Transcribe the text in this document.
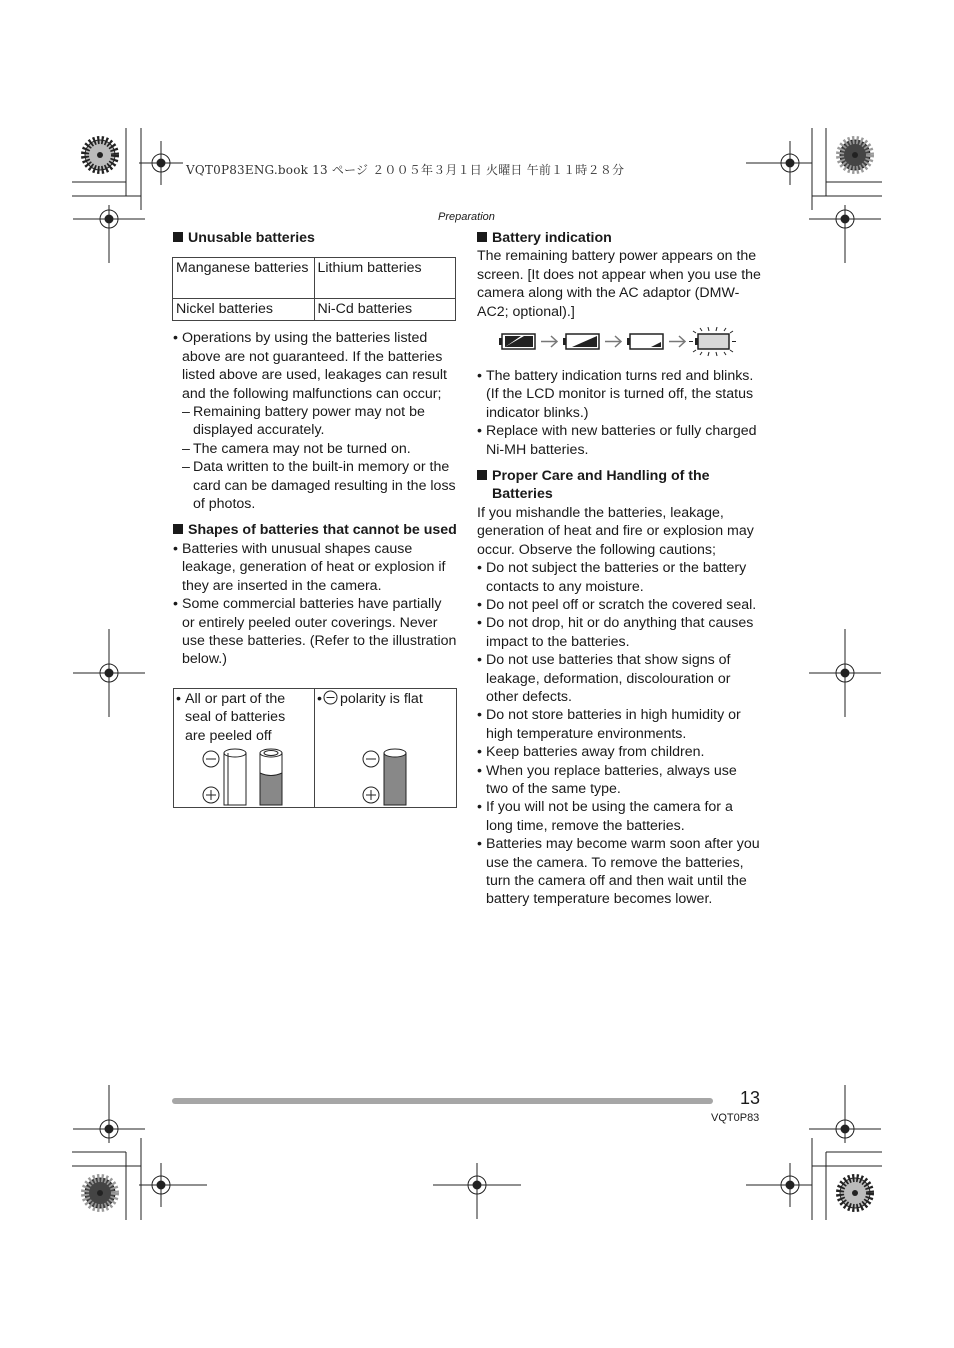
VQT0P83ENG.book 13 ページ ２００５年３月１日 火曜日 午前１１時２８分
Preparation

Unusable batteries

Manganese batteries	Lithium batteries
Nickel batteries	Ni-Cd batteries

• Operations by using the batteries listed above are not guaranteed. If the batteries listed above are used, leakages can result and the following malfunctions can occur;

– Remaining battery power may not be displayed accurately.

– The camera may not be turned on.

– Data written to the built-in memory or the card can be damaged resulting in the loss of photos.

Shapes of batteries that cannot be used

• Batteries with unusual shapes cause leakage, generation of heat or explosion if they are inserted in the camera.

• Some commercial batteries have partially or entirely peeled outer coverings. Never use these batteries. (Refer to the illustration below.)

• All or part of the seal of batteries are peeled off
• polarity is flat

Battery indication

The remaining battery power appears on the screen. [It does not appear when you use the camera along with the AC adaptor (DMW-AC2; optional).]

• The battery indication turns red and blinks. (If the LCD monitor is turned off, the status indicator blinks.)

• Replace with new batteries or fully charged Ni-MH batteries.

Proper Care and Handling of the Batteries

If you mishandle the batteries, leakage, generation of heat and fire or explosion may occur. Observe the following cautions;

• Do not subject the batteries or the battery contacts to any moisture.

• Do not peel off or scratch the covered seal.

• Do not drop, hit or do anything that causes impact to the batteries.

• Do not use batteries that show signs of leakage, deformation, discolouration or other defects.

• Do not store batteries in high humidity or high temperature environments.

• Keep batteries away from children.

• When you replace batteries, always use two of the same type.

• If you will not be using the camera for a long time, remove the batteries.

• Batteries may become warm soon after you use the camera. To remove the batteries, turn the camera off and then wait until the battery temperature becomes lower.

13
VQT0P83
